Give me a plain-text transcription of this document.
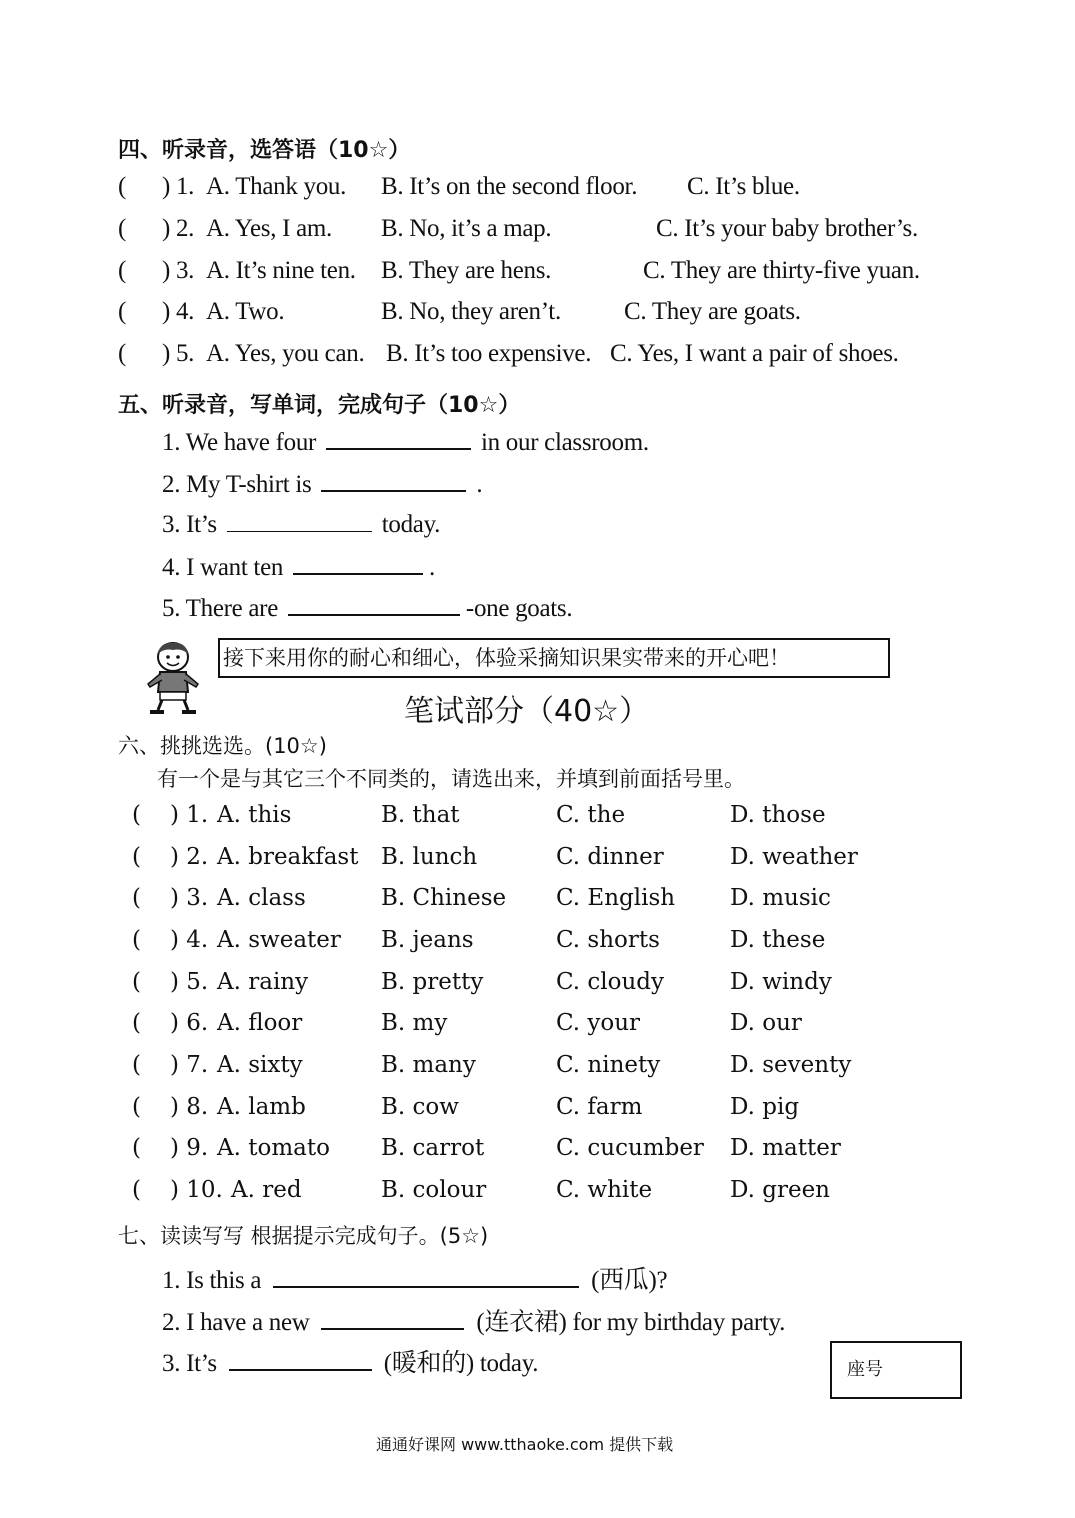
四、听录音，选答语（10☆）
( ) 1. A. Thank you. B. It’s on the second floor. C. It’s blue.
( ) 2. A. Yes, I am. B. No, it’s a map.	C. It’s your baby brother’s.
( ) 3. A. It’s nine ten. B. They are hens.	C. They are thirty-five yuan.
( ) 4. A. Two.	B. No, they aren’t.	C. They are goats.
( ) 5. A. Yes, you can. B. It’s too expensive. C. Yes, I want a pair of shoes.
五、听录音，写单词，完成句子（10☆）
1. We have four	in our classroom.
2. My T-shirt is	.
3. It’s	today.
4. I want ten	.
5. There are	-one goats.
接下来用你的耐心和细心，体验采摘知识果实带来的开心吧！
笔试部分（40☆）
六、挑挑选选。(10☆)
有一个是与其它三个不同类的，请选出来，并填到前面括号里。
( ) 1. A. this	B. that	C. the	D. those
( ) 2. A. breakfast B. lunch	C. dinner	D. weather
( ) 3. A. class	B. Chinese C. English D. music
( ) 4. A. sweater B. jeans	C. shorts	D. these
( ) 5. A. rainy	B. pretty	C. cloudy	D. windy
( ) 6. A. floor	B. my	C. your	D. our
( ) 7. A. sixty	B. many	C. ninety	D. seventy
( ) 8. A. lamb	B. cow	C. farm	D. pig
( ) 9. A. tomato B. carrot	C. cucumber D. matter
( ) 10. A. red	B. colour	C. white	D. green
七、读读写写 根据提示完成句子。(5☆)
1. Is this a	(西瓜)?
2. I have a new	(连衣裙) for my birthday party.
3. It’s	(暖和的) today.	座号
通通好课网 www.tthaoke.com 提供下载
